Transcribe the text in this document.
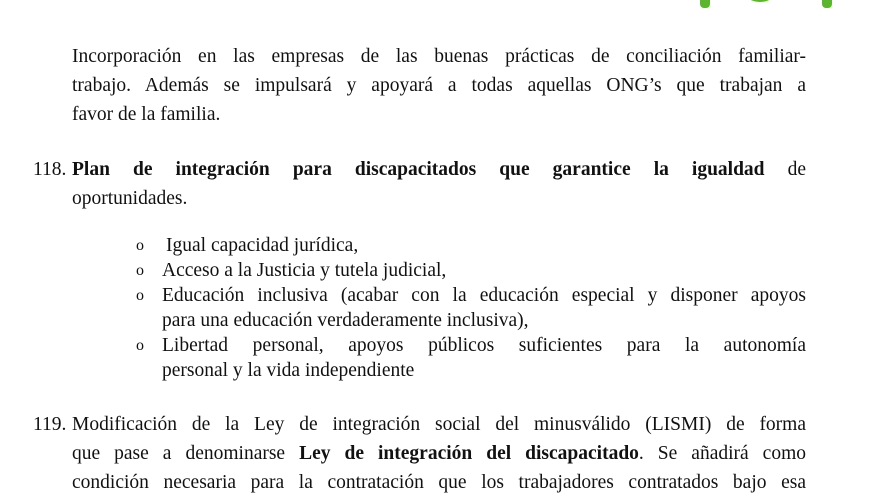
Incorporación en las empresas de las buenas prácticas de conciliación familiar-
trabajo. Además se impulsará y apoyará a todas aquellas ONG’s que trabajan a
favor de la familia.
118. Plan de integración para discapacitados que garantice la igualdad de
oportunidades.
o Igual capacidad jurídica,
o Acceso a la Justicia y tutela judicial,
o Educación inclusiva (acabar con la educación especial y disponer apoyos
para una educación verdaderamente inclusiva),
o Libertad personal, apoyos públicos suficientes para la autonomía
personal y la vida independiente
119. Modificación de la Ley de integración social del minusválido (LISMI) de forma
que pase a denominarse Ley de integración del discapacitado. Se añadirá como
condición necesaria para la contratación que los trabajadores contratados bajo esa
